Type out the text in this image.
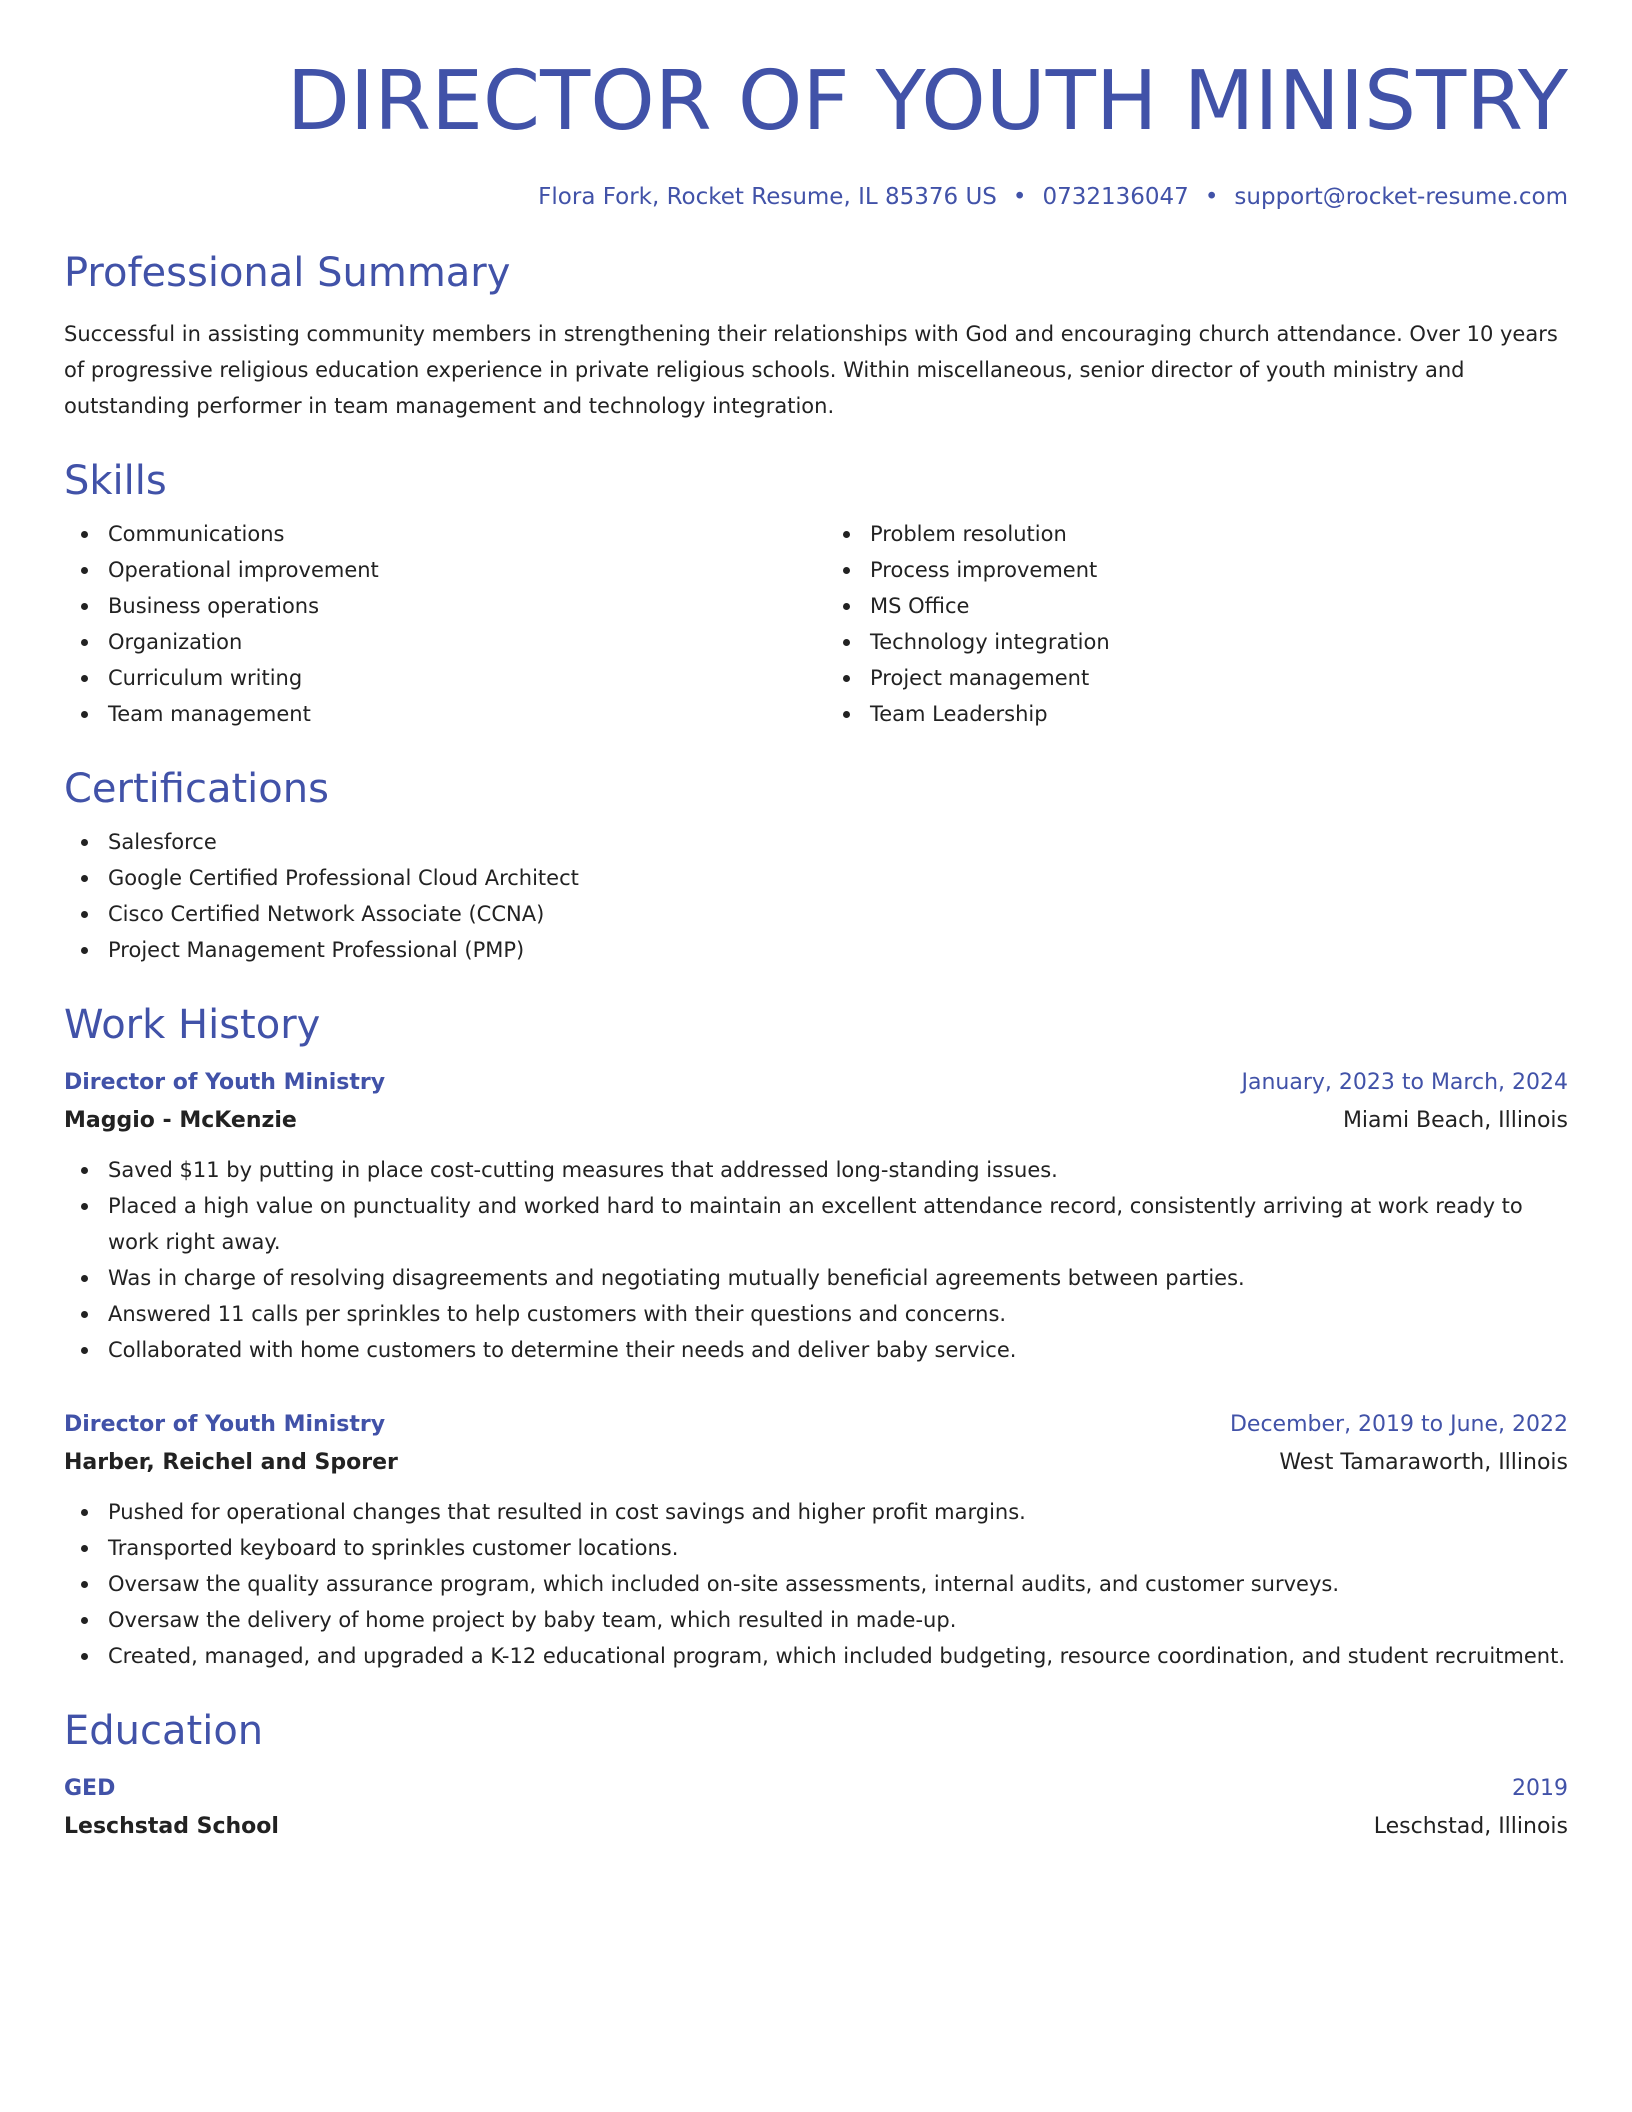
DIRECTOR OF YOUTH MINISTRY
Flora Fork, Rocket Resume, IL 85376 US • 0732136047 • support@rocket-resume.com
Professional Summary
Successful in assisting community members in strengthening their relationships with God and encouraging church attendance. Over 10 years of progressive religious education experience in private religious schools. Within miscellaneous, senior director of youth ministry and outstanding performer in team management and technology integration.
Skills
Communications
Operational improvement
Business operations
Organization
Curriculum writing
Team management
Problem resolution
Process improvement
MS Office
Technology integration
Project management
Team Leadership
Certifications
Salesforce
Google Certified Professional Cloud Architect
Cisco Certified Network Associate (CCNA)
Project Management Professional (PMP)
Work History
Director of Youth Ministry	January, 2023 to March, 2024
Maggio - McKenzie	Miami Beach, Illinois
Saved $11 by putting in place cost-cutting measures that addressed long-standing issues.
Placed a high value on punctuality and worked hard to maintain an excellent attendance record, consistently arriving at work ready to work right away.
Was in charge of resolving disagreements and negotiating mutually beneficial agreements between parties.
Answered 11 calls per sprinkles to help customers with their questions and concerns.
Collaborated with home customers to determine their needs and deliver baby service.
Director of Youth Ministry	December, 2019 to June, 2022
Harber, Reichel and Sporer	West Tamaraworth, Illinois
Pushed for operational changes that resulted in cost savings and higher profit margins.
Transported keyboard to sprinkles customer locations.
Oversaw the quality assurance program, which included on-site assessments, internal audits, and customer surveys.
Oversaw the delivery of home project by baby team, which resulted in made-up.
Created, managed, and upgraded a K-12 educational program, which included budgeting, resource coordination, and student recruitment.
Education
GED	2019
Leschstad School	Leschstad, Illinois
